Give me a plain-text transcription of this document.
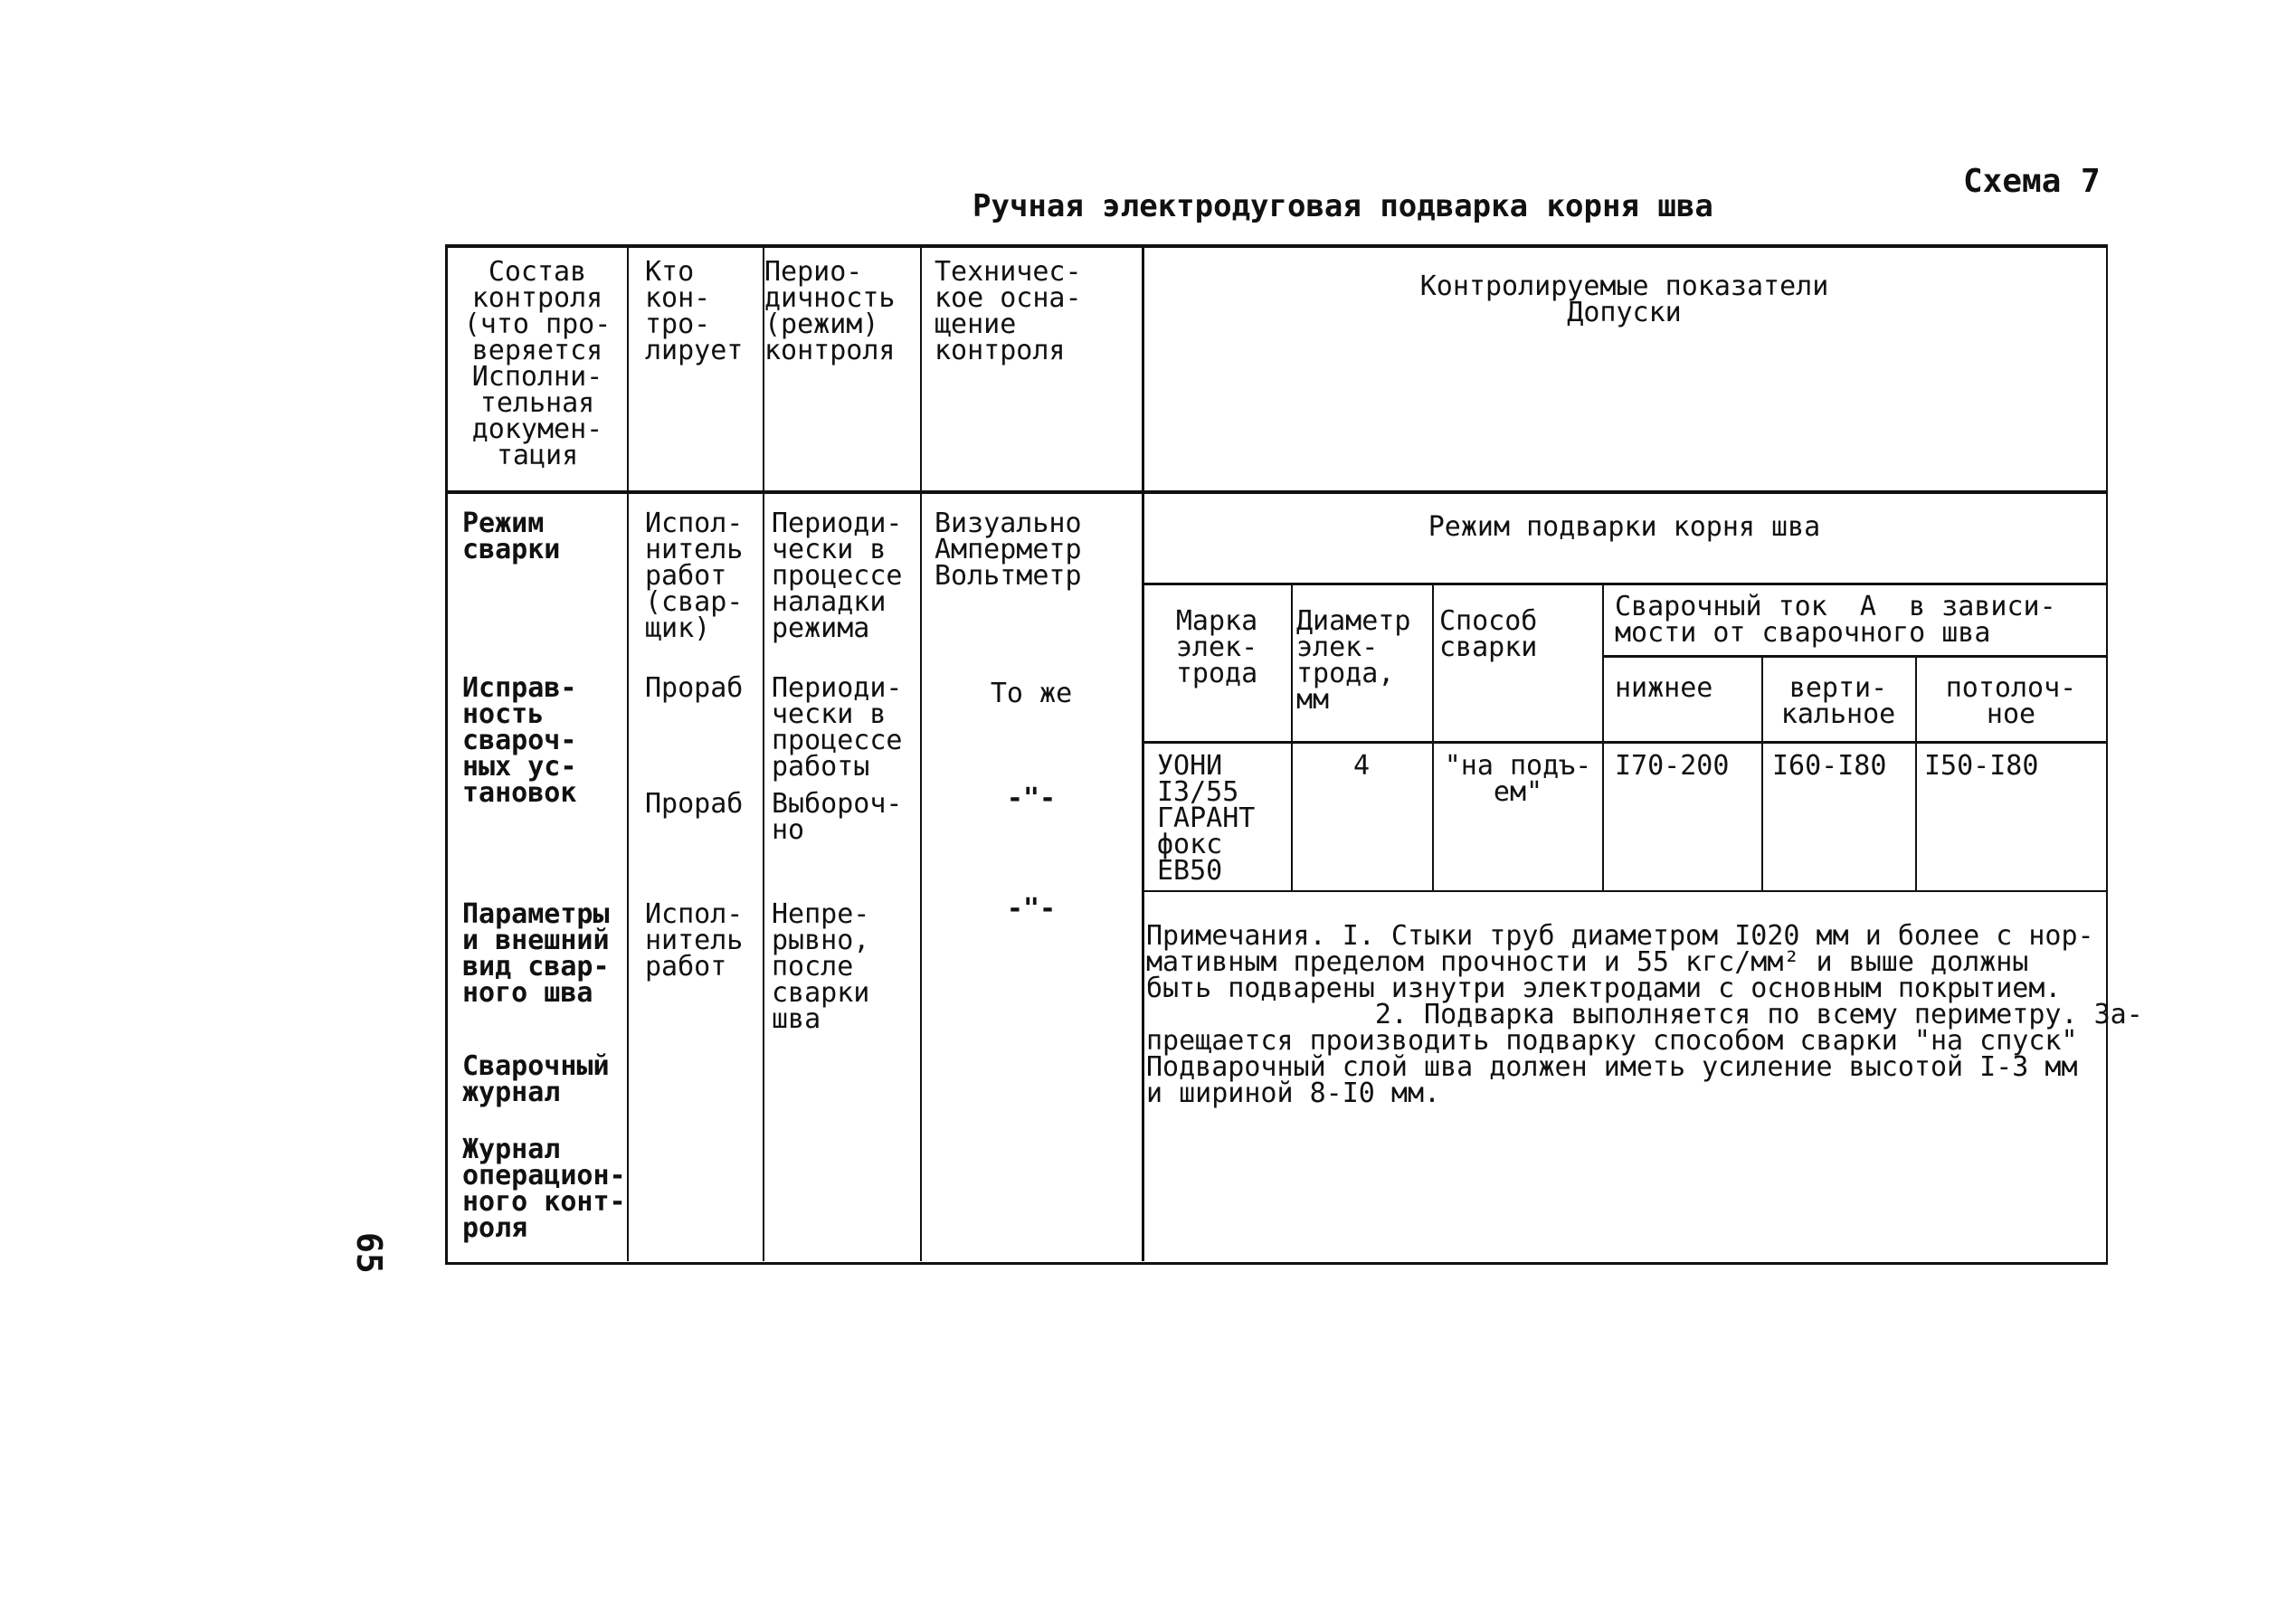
Схема 7
Ручная электродуговая подварка корня шва
65
Состав
контроля
(что про-
веряется
Исполни-
тельная
докумен-
тация
Кто
кон-
тро-
лирует
Перио-
дичность
(режим)
контроля
Техничес-
кое осна-
щение
контроля
Контролируемые показатели
Допуски
Режим
сварки
Испол-
нитель
работ
(свар-
щик)
Периоди-
чески в
процессе
наладки
режима
Визуально
Амперметр
Вольтметр
Исправ-
ность
свароч-
ных ус-
тановок
Прораб Периоди-
чески в
процессе
работы
То же
Прораб Выбороч-
но
-"-
Параметры
и внешний
вид свар-
ного шва
Испол-
нитель
работ
Непре-
рывно,
после
сварки
шва
-"-
Сварочный
журнал
Журнал
операцион-
ного конт-
роля
Режим подварки корня шва
Марка
элек-
трода
Диаметр
элек-
трода,
мм
Способ
сварки
Сварочный ток  А  в зависи-
мости от сварочного шва
нижнее	верти-
кальное
потолоч-
ное
УОНИ
I3/55
ГАРАНТ
фокс
ЕВ50
4	"на подъ-
ем"
I70-200 I60-I80 I50-I80
Примечания. I. Стыки труб диаметром I020 мм и более с нор-
мативным пределом прочности и 55 кгс/мм² и выше должны
быть подварены изнутри электродами с основным покрытием.
2. Подварка выполняется по всему периметру. За-
прещается производить подварку способом сварки "на спуск"
Подварочный слой шва должен иметь усиление высотой I-3 мм
и шириной 8-I0 мм.
